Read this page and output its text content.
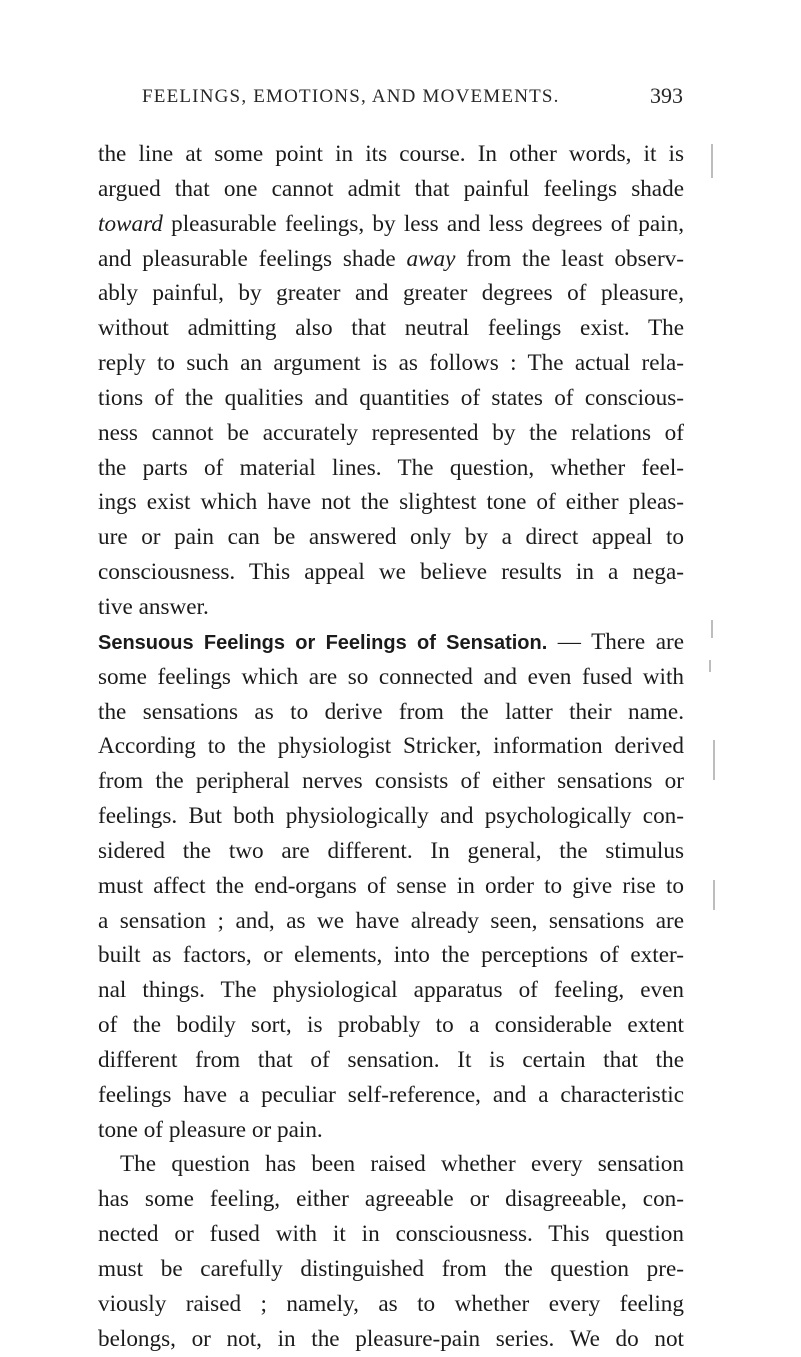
FEELINGS, EMOTIONS, AND MOVEMENTS.	393
the line at some point in its course. In other words, it is
argued that one cannot admit that painful feelings shade
toward pleasurable feelings, by less and less degrees of pain,
and pleasurable feelings shade away from the least observ-
ably painful, by greater and greater degrees of pleasure,
without admitting also that neutral feelings exist. The
reply to such an argument is as follows : The actual rela-
tions of the qualities and quantities of states of conscious-
ness cannot be accurately represented by the relations of
the parts of material lines. The question, whether feel-
ings exist which have not the slightest tone of either pleas-
ure or pain can be answered only by a direct appeal to
consciousness. This appeal we believe results in a nega-
tive answer.
Sensuous Feelings or Feelings of Sensation. — There are
some feelings which are so connected and even fused with
the sensations as to derive from the latter their name.
According to the physiologist Stricker, information derived
from the peripheral nerves consists of either sensations or
feelings. But both physiologically and psychologically con-
sidered the two are different. In general, the stimulus
must affect the end-organs of sense in order to give rise to
a sensation ; and, as we have already seen, sensations are
built as factors, or elements, into the perceptions of exter-
nal things. The physiological apparatus of feeling, even
of the bodily sort, is probably to a considerable extent
different from that of sensation. It is certain that the
feelings have a peculiar self-reference, and a characteristic
tone of pleasure or pain.
The question has been raised whether every sensation
has some feeling, either agreeable or disagreeable, con-
nected or fused with it in consciousness. This question
must be carefully distinguished from the question pre-
viously raised ; namely, as to whether every feeling
belongs, or not, in the pleasure-pain series. We do not
